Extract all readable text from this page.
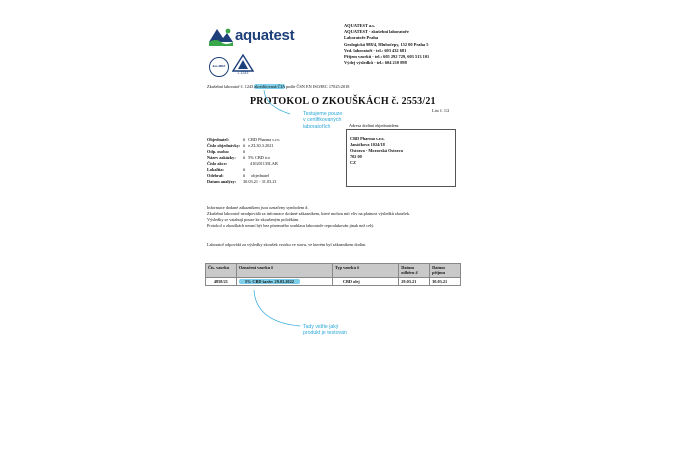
aquatest
ilac-MRA
L 1243
AQUATEST a.s.
AQUATEST - zkušební laboratoře
Laboratoře Praha
Geologická 988/4, Hlubočepy, 152 00 Praha 5
Ved. laboratoří - tel.: 603 432 681
Příjem vzorků - tel.: 605 292 729, 603 513 101
Výdej výsledků - tel.: 604 210 898
Zkušební laboratoř č. 1243 akreditovaná ČIA podle ČSN EN ISO/IEC 17025:2018
PROTOKOL O ZKOUŠKÁCH č. 2553/21
List č. 1/2
Testujeme pouze
v certifikovaných
laboratořích	Adresa dodání objednatelem:
CBD Pharma s.r.o.
Janáčkova 1024/18
Ostrava - Moravská Ostrava
702 00
CZ
Objednatel:	# CBD Pharma s.r.o.
Číslo objednávky: # e.ZL30.3.2021
Odp. osoba:	#
Název zakázky:	# 5% CBD ico
Číslo akce:	410201135LAB
Lokalita:	#
Odebral:	# objednatel
Datum analýzy:	30.03.21 - 31.03.21
Informace dodané zákazníkem jsou označeny symbolem #.
Zkušební laboratoř neodpovídá za informace dodané zákazníkem, které mohou mít vliv na platnost výsledků zkoušek.
Výsledky se vztahují pouze ke zkoušeným položkám.
Protokol o zkouškách nesmí být bez písemného souhlasu laboratoře reprodukován jinak než celý.
Laboratoř odpovídá za výsledky zkoušek vzorku ve stavu, ve kterém byl zákazníkem dodán.
Čís. vzorku	Označení vzorku #	Typ vzorku #	Datum odběru #	Datum příjmu
4858/21	5% CBD šarže: 29.03.2022	CBD olej	29.03.21	30.03.21
Tady vidíte jaký
produkt je testován
